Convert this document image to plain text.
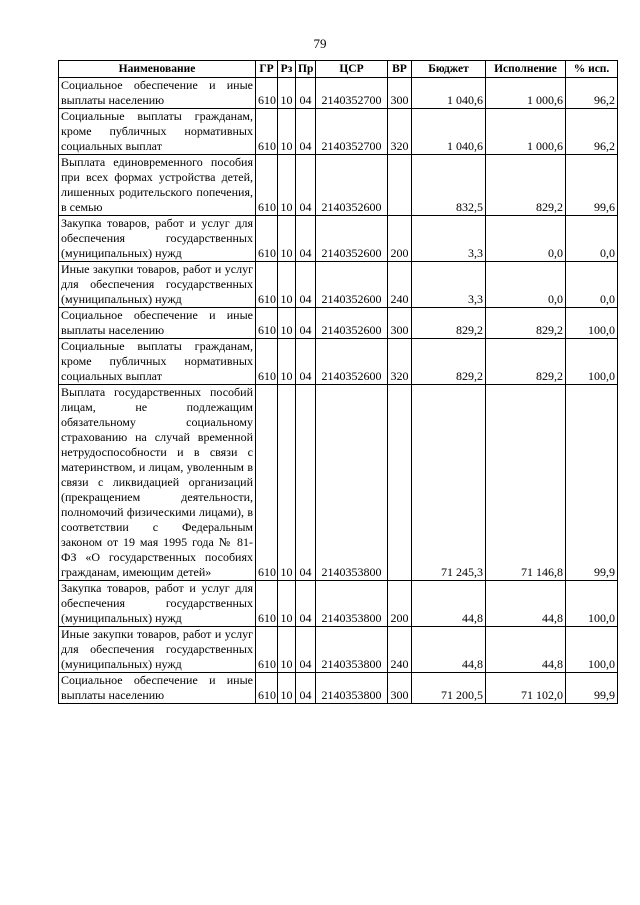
79
Наименование	ГР	Рз	Пр	ЦСР	ВР	Бюджет	Исполнение	% исп.
Социальное обеспечение и иные выплаты населению	610	10	04	2140352700	300	1 040,6	1 000,6	96,2
Социальные выплаты гражданам, кроме публичных нормативных социальных выплат	610	10	04	2140352700	320	1 040,6	1 000,6	96,2
Выплата единовременного пособия при всех формах устройства детей, лишенных родительского попечения, в семью	610	10	04	2140352600		832,5	829,2	99,6
Закупка товаров, работ и услуг для обеспечения государственных (муниципальных) нужд	610	10	04	2140352600	200	3,3	0,0	0,0
Иные закупки товаров, работ и услуг для обеспечения государственных (муниципальных) нужд	610	10	04	2140352600	240	3,3	0,0	0,0
Социальное обеспечение и иные выплаты населению	610	10	04	2140352600	300	829,2	829,2	100,0
Социальные выплаты гражданам, кроме публичных нормативных социальных выплат	610	10	04	2140352600	320	829,2	829,2	100,0
Выплата государственных пособий лицам, не подлежащим обязательному социальному страхованию на случай временной нетрудоспособности и в связи с материнством, и лицам, уволенным в связи с ликвидацией организаций (прекращением деятельности, полномочий физическими лицами), в соответствии с Федеральным законом от 19 мая 1995 года № 81-ФЗ «О государственных пособиях гражданам, имеющим детей»	610	10	04	2140353800		71 245,3	71 146,8	99,9
Закупка товаров, работ и услуг для обеспечения государственных (муниципальных) нужд	610	10	04	2140353800	200	44,8	44,8	100,0
Иные закупки товаров, работ и услуг для обеспечения государственных (муниципальных) нужд	610	10	04	2140353800	240	44,8	44,8	100,0
Социальное обеспечение и иные выплаты населению	610	10	04	2140353800	300	71 200,5	71 102,0	99,9
